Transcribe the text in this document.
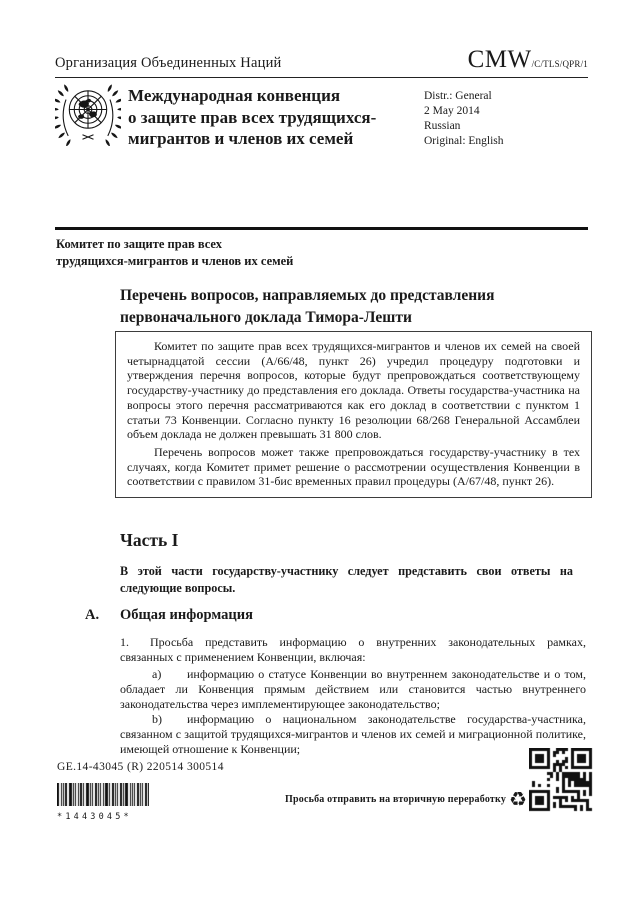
Организация Объединенных Наций	CMW /C/TLS/QPR/1
Международная конвенция
о защите прав всех трудящихся-
мигрантов и членов их семей
Distr.: General
2 May 2014
Russian
Original: English
Комитет по защите прав всех
трудящихся-мигрантов и членов их семей
Перечень вопросов, направляемых до представления первоначального доклада Тимора-Лешти

Комитет по защите прав всех трудящихся-мигрантов и членов их семей на своей четырнадцатой сессии (A/66/48, пункт 26) учредил процедуру подготовки и утверждения перечня вопросов, которые будут препровождаться соответствующему государству-участнику до представления его доклада. Ответы государства-участника на вопросы этого перечня рассматриваются как его доклад в соответствии с пунктом 1 статьи 73 Конвенции. Согласно пункту 16 резолюции 68/268 Генеральной Ассамблеи объем доклада не должен превышать 31 800 слов.

Перечень вопросов может также препровождаться государству-участнику в тех случаях, когда Комитет примет решение о рассмотрении осуществления Конвенции в соответствии с правилом 31-бис временных правил процедуры (A/67/48, пункт 26).

Часть I
В этой части государству-участнику следует представить свои ответы на следующие вопросы.
A. Общая информация

1. Просьба представить информацию о внутренних законодательных рамках, связанных с применением Конвенции, включая:

a) информацию о статусе Конвенции во внутреннем законодательстве и о том, обладает ли Конвенция прямым действием или становится частью внутреннего законодательства через имплементирующее законодательство;

b) информацию о национальном законодательстве государства-участника, связанном с защитой трудящихся-мигрантов и членов их семей и миграционной политике, имеющей отношение к Конвенции;

GE.14-43045 (R) 220514 300514
*1443045*
Просьба отправить на вторичную переработку ♻
